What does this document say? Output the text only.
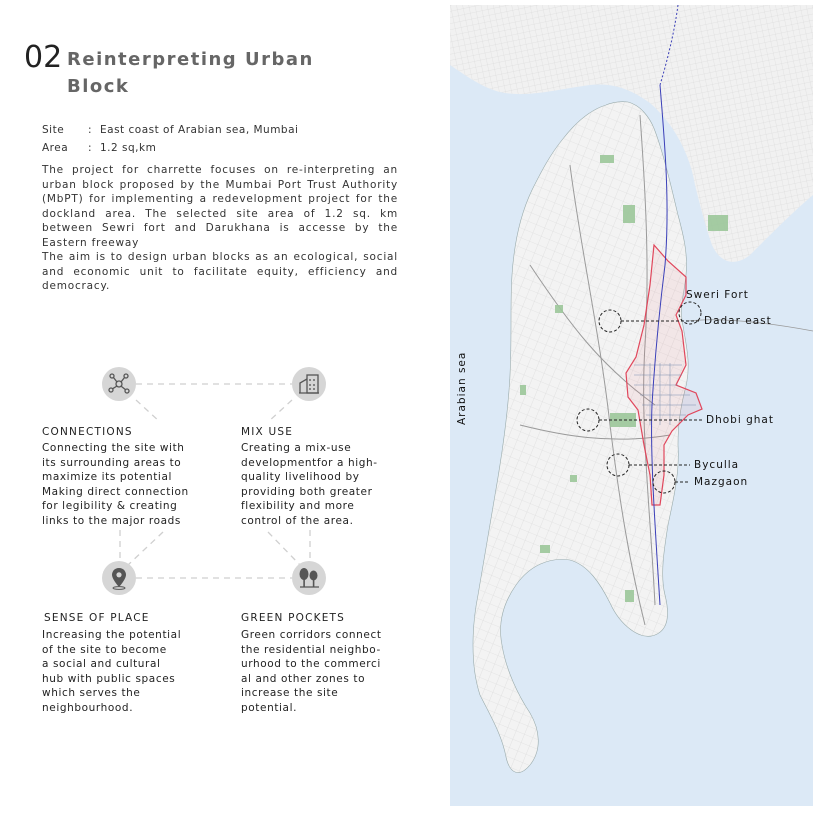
02 Reinterpreting Urban Block
Site : East coast of Arabian sea, Mumbai
Area : 1.2 sq,km

The project for charrette focuses on re-interpreting an urban block proposed by the Mumbai Port Trust Authority (MbPT) for implementing a redevelopment project for the dockland area. The selected site area of 1.2 sq. km between Sewri fort and Darukhana is accesse by the Eastern freeway

The aim is to design urban blocks as an ecological, social and economic unit to facilitate equity, efficiency and democracy.

CONNECTIONS
Connecting the site with
its surrounding areas to
maximize its potential
Making direct connection
for legibility & creating
links to the major roads
MIX USE
Creating a mix-use
developmentfor a high-
quality livelihood by
providing both greater
flexibility and more
control of the area.
SENSE OF PLACE
Increasing the potential
of the site to become
a social and cultural
hub with public spaces
which serves the
neighbourhood.
GREEN POCKETS
Green corridors connect
the residential neighbo-
urhood to the commerci
al and other zones to
increase the site
potential.
Sweri Fort
Dadar east
Dhobi ghat
Byculla
Mazgaon
Arabian sea
